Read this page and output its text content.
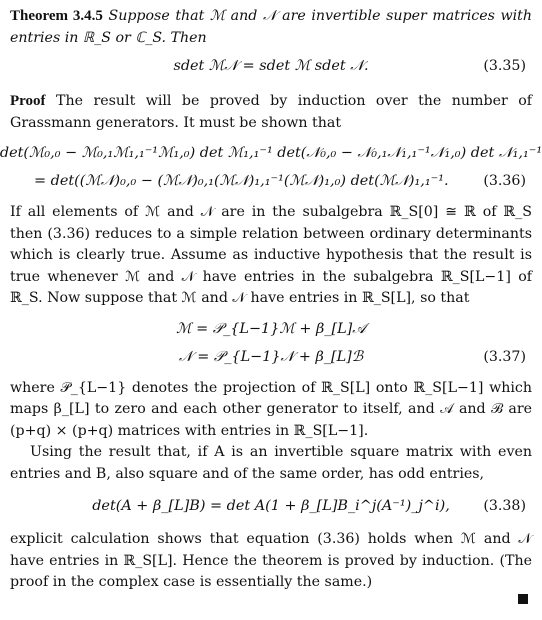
Theorem 3.4.5 Suppose that ℳ and 𝒩 are invertible super matrices with entries in ℝ_S or ℂ_S. Then

sdet ℳ𝒩 = sdet ℳ sdet 𝒩.	(3.35)

Proof The result will be proved by induction over the number of Grassmann generators. It must be shown that

det(ℳ₀,₀ − ℳ₀,₁ℳ₁,₁⁻¹ℳ₁,₀) det ℳ₁,₁⁻¹ det(𝒩₀,₀ − 𝒩₀,₁𝒩₁,₁⁻¹𝒩₁,₀) det 𝒩₁,₁⁻¹
= det((ℳ𝒩)₀,₀ − (ℳ𝒩)₀,₁(ℳ𝒩)₁,₁⁻¹(ℳ𝒩)₁,₀) det(ℳ𝒩)₁,₁⁻¹. (3.36)

If all elements of ℳ and 𝒩 are in the subalgebra ℝ_S[0] ≅ ℝ of ℝ_S then (3.36) reduces to a simple relation between ordinary determinants which is clearly true. Assume as inductive hypothesis that the result is true whenever ℳ and 𝒩 have entries in the subalgebra ℝ_S[L−1] of ℝ_S. Now suppose that ℳ and 𝒩 have entries in ℝ_S[L], so that

ℳ = 𝒫_{L−1}ℳ + β_[L]𝒜
𝒩 = 𝒫_{L−1}𝒩 + β_[L]ℬ	(3.37)

where 𝒫_{L−1} denotes the projection of ℝ_S[L] onto ℝ_S[L−1] which maps β_[L] to zero and each other generator to itself, and 𝒜 and ℬ are (p+q) × (p+q) matrices with entries in ℝ_S[L−1].

Using the result that, if A is an invertible square matrix with even entries and B, also square and of the same order, has odd entries,

det(A + β_[L]B) = det A(1 + β_[L]B_i^j(A⁻¹)_j^i), (3.38)

explicit calculation shows that equation (3.36) holds when ℳ and 𝒩 have entries in ℝ_S[L]. Hence the theorem is proved by induction. (The proof in the complex case is essentially the same.)
